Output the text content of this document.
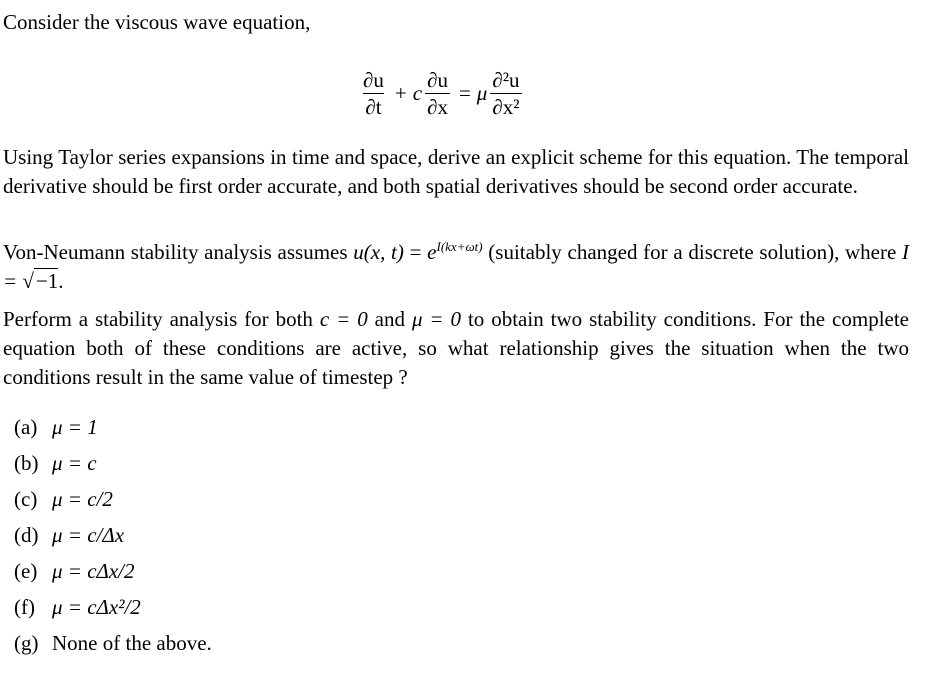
Consider the viscous wave equation,
$\frac{\partial u}{\partial t} + c \frac{\partial u}{\partial x} = \mu \frac{\text{∂²u}}{\text{∂x²}}$
Using Taylor series expansions in time and space, derive an explicit scheme for this equation. The temporal derivative should be first order accurate, and both spatial derivatives should be second order accurate.
Von-Neumann stability analysis assumes u(x, $t) = e^{I(kx+\omega t)}$ (suitably changed for a discrete solution), where I = √−1.
Perform a stability analysis for both c = 0 and μ = 0 to obtain two stability conditions. For the complete equation both of these conditions are active, so what relationship gives the situation when the two conditions result in the same value of timestep ?
(a) μ = 1
(b) μ = c
(c) μ = c/2
(d) μ = c/Δx
(e) μ = cΔx/2
(f) μ = cΔx²/2
(g) None of the above.
